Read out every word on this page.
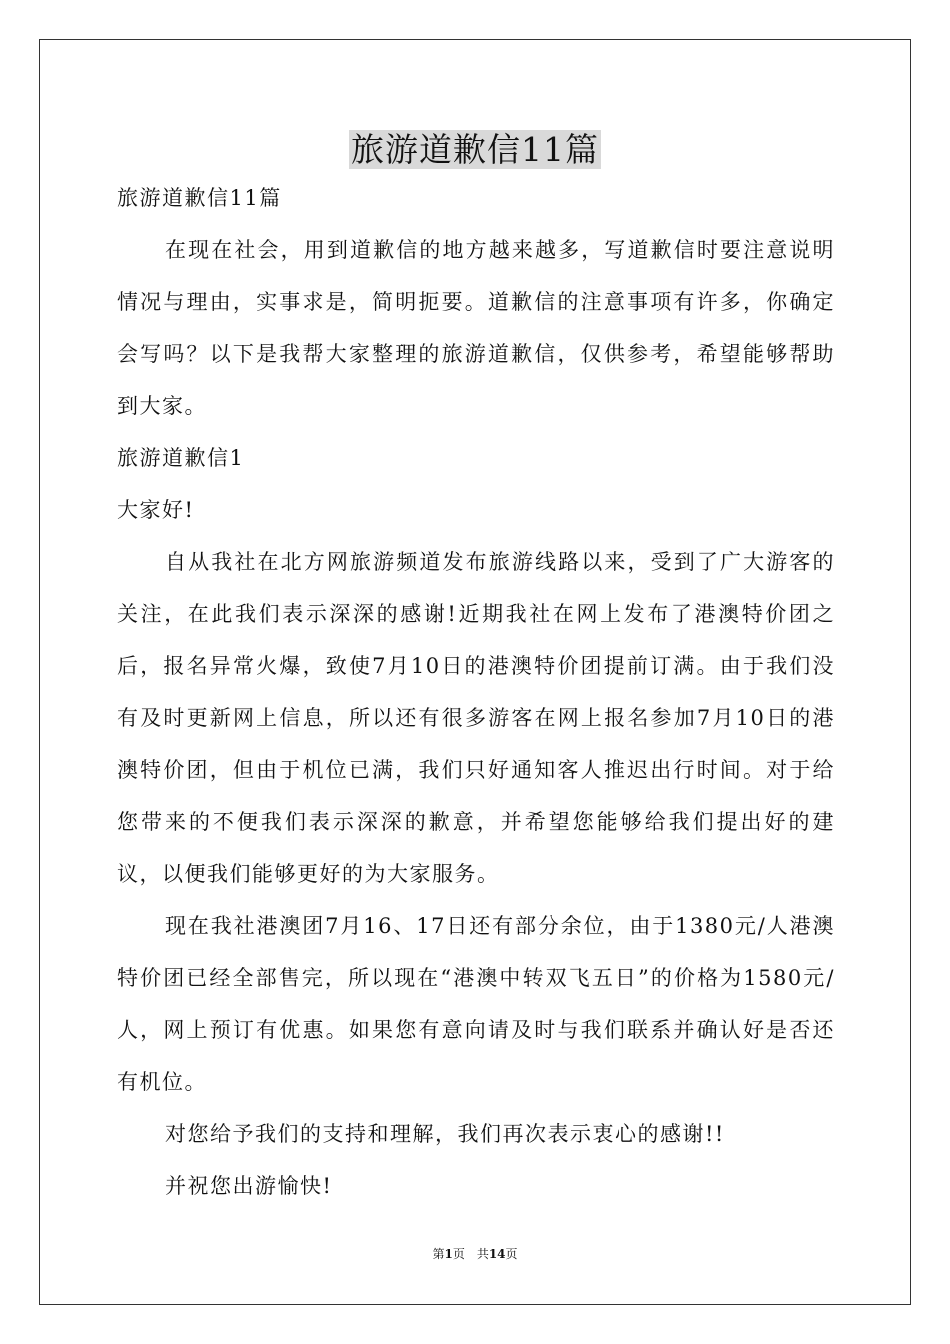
旅游道歉信11篇
旅游道歉信11篇

在现在社会，用到道歉信的地方越来越多，写道歉信时要注意说明情况与理由，实事求是，简明扼要。道歉信的注意事项有许多，你确定会写吗？以下是我帮大家整理的旅游道歉信，仅供参考，希望能够帮助到大家。

旅游道歉信1
大家好!

自从我社在北方网旅游频道发布旅游线路以来，受到了广大游客的关注，在此我们表示深深的感谢!近期我社在网上发布了港澳特价团之后，报名异常火爆，致使7月10日的港澳特价团提前订满。由于我们没有及时更新网上信息，所以还有很多游客在网上报名参加7月10日的港澳特价团，但由于机位已满，我们只好通知客人推迟出行时间。对于给您带来的不便我们表示深深的歉意，并希望您能够给我们提出好的建议，以便我们能够更好的为大家服务。

现在我社港澳团7月16、17日还有部分余位，由于1380元/人港澳特价团已经全部售完，所以现在“港澳中转双飞五日”的价格为1580元/人，网上预订有优惠。如果您有意向请及时与我们联系并确认好是否还有机位。

对您给予我们的支持和理解，我们再次表示衷心的感谢!!
并祝您出游愉快!
第1页　共14页
